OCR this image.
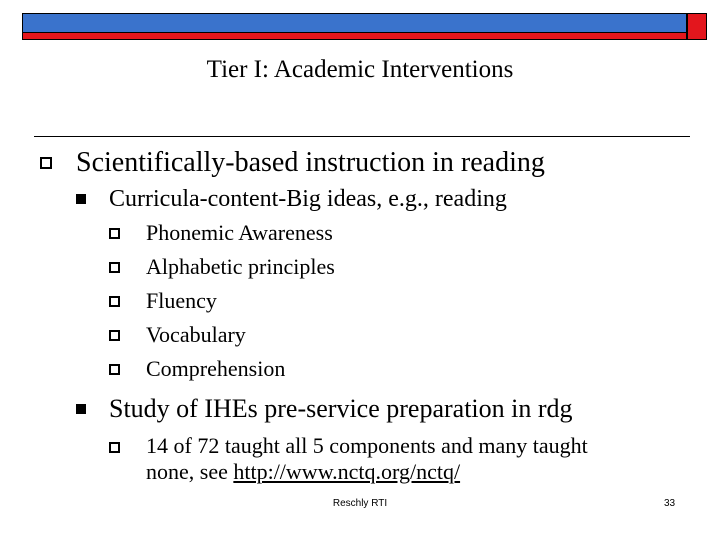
Tier I: Academic Interventions
Scientifically-based instruction in reading
Curricula-content-Big ideas, e.g., reading
Phonemic Awareness
Alphabetic principles
Fluency
Vocabulary
Comprehension
Study of IHEs pre-service preparation in rdg
14 of 72 taught all 5 components and many taught
none, see http://www.nctq.org/nctq/
Reschly RTI	33
